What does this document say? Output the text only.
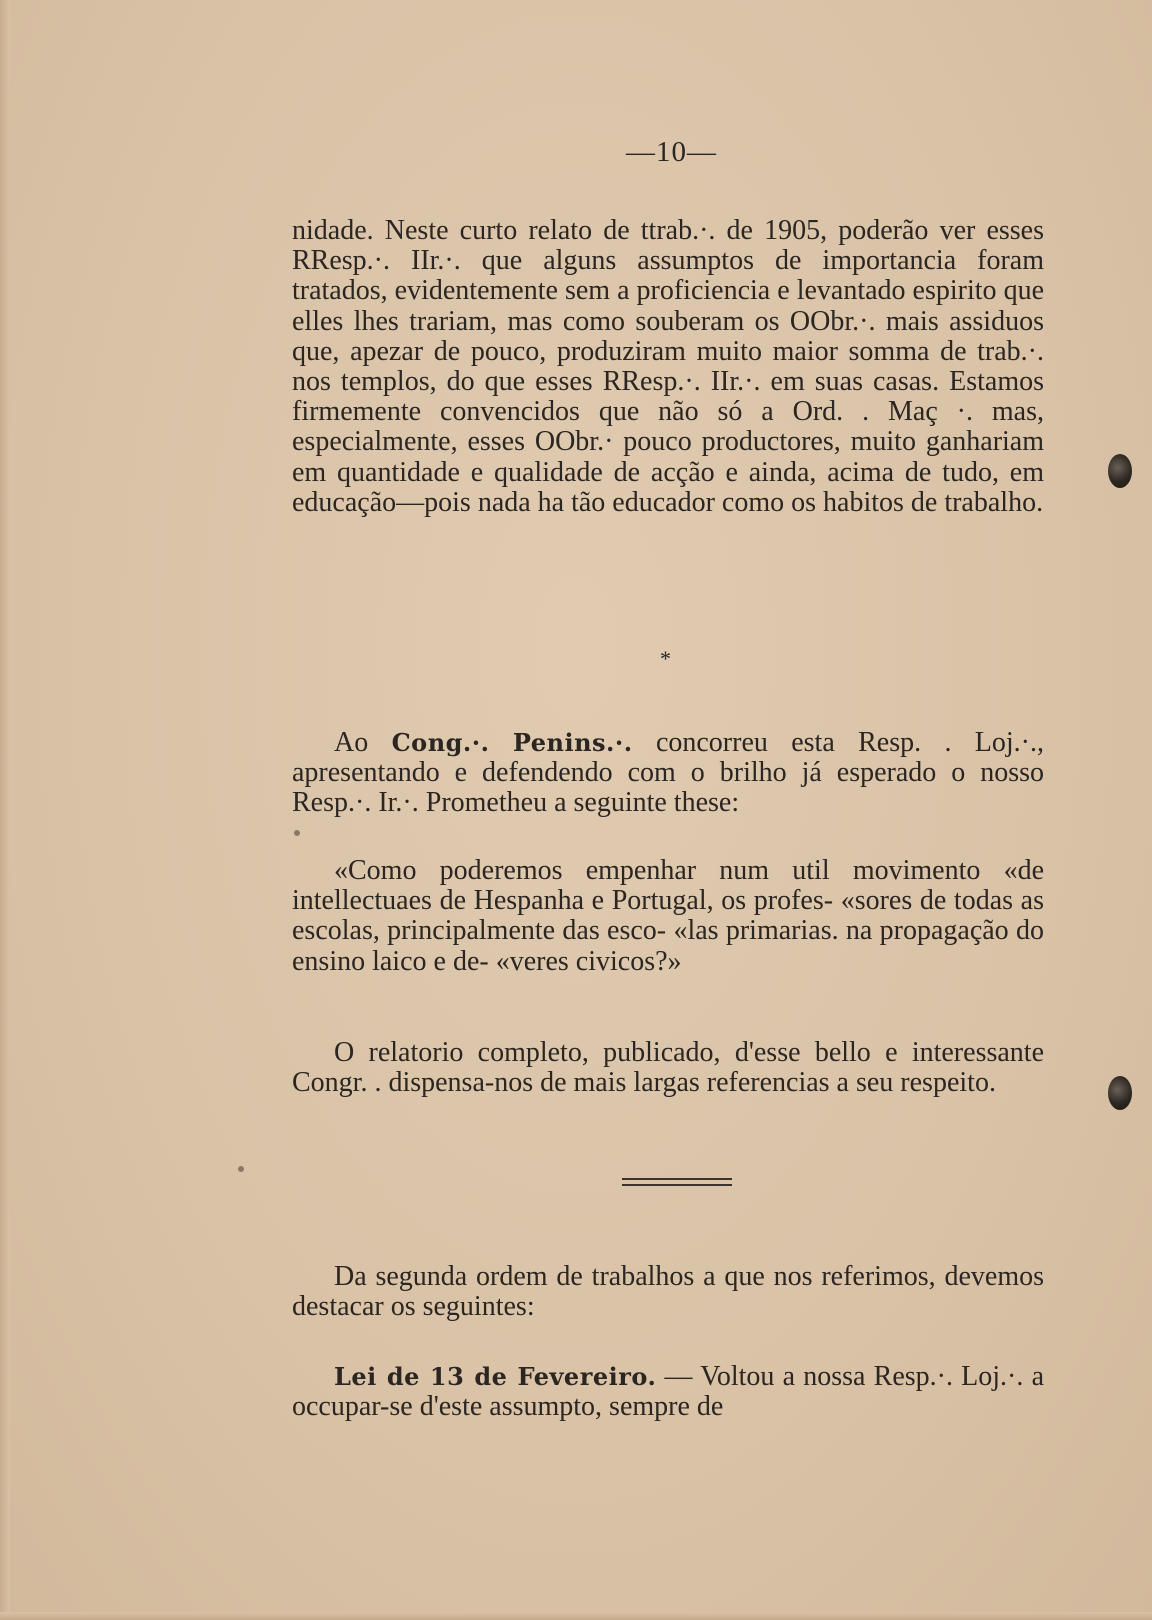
—10—

nidade. Neste curto relato de ttrab.·. de 1905, poderão ver esses RResp.·. IIr.·. que alguns assumptos de importancia foram tratados, evidentemente sem a proficiencia e levantado espirito que elles lhes trariam, mas como souberam os OObr.·. mais assiduos que, apezar de pouco, produziram muito maior somma de trab.·. nos templos, do que esses RResp.·. IIr.·. em suas casas. Estamos firmemente convencidos que não só a Ord. . Maç ·. mas, especialmente, esses OObr.· pouco productores, muito ganhariam em quantidade e qualidade de acção e ainda, acima de tudo, em educação—pois nada ha tão educador como os habitos de trabalho.

*

Ao Cong.·. Penins.·. concorreu esta Resp. . Loj.·., apresentando e defendendo com o brilho já esperado o nosso Resp.·. Ir.·. Prometheu a seguinte these:

«Como poderemos empenhar num util movimento «de intellectuaes de Hespanha e Portugal, os profes- «sores de todas as escolas, principalmente das esco- «las primarias. na propagação do ensino laico e de- «veres civicos?»

O relatorio completo, publicado, d'esse bello e interessante Congr. . dispensa-nos de mais largas referencias a seu respeito.

Da segunda ordem de trabalhos a que nos referimos, devemos destacar os seguintes:

Lei de 13 de Fevereiro. — Voltou a nossa Resp.·. Loj.·. a occupar-se d'este assumpto, sempre de
